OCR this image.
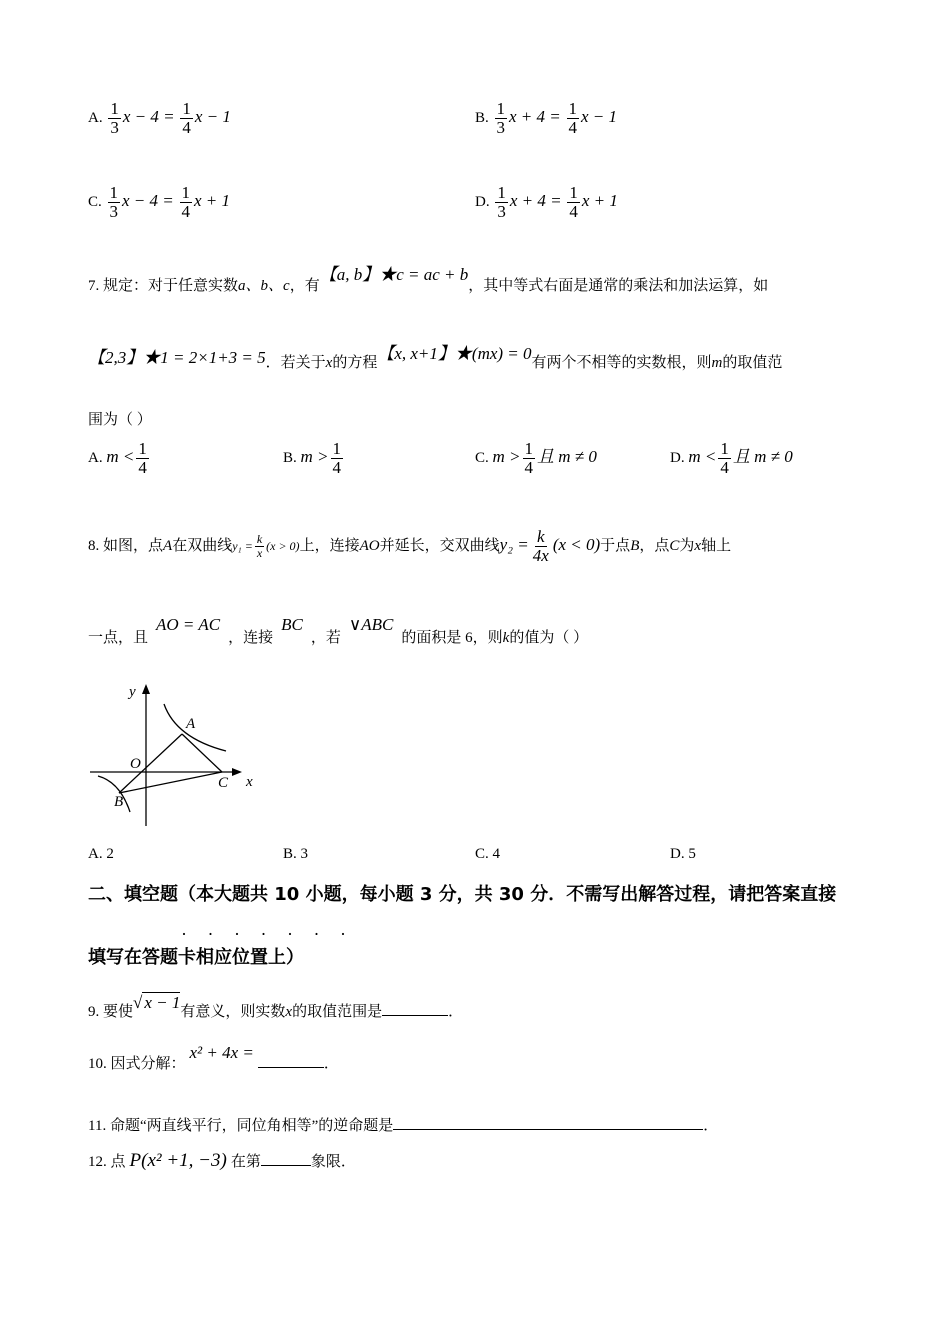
A. $\frac{1}{3}$ $x - 4 = \frac{1}{4}$ x − 1	B. $\frac{1}{3}$ $x + 4 = \frac{1}{4}$ x − 1
C. $\frac{1}{3}$ $x - 4 = \frac{1}{4}$ x + 1	D. $\frac{1}{3}$ $x + 4 = \frac{1}{4}$ x + 1
7. 规定：对于任意实数a、b、c，有【a, b】★c = ac + b，其中等式右面是通常的乘法和加法运算，如
【2,3】★1 = 2×1+3 = 5．若关于x的方程【x, x+1】★(mx) = 0有两个不相等的实数根，则m的取值范
围为（ ）
A. $m < \frac{1}{4}$	B. $m > \frac{1}{4}$	C. $m > \frac{1}{4}$ 且 m ≠ 0	D. $m < \frac{1}{4}$ 且 m ≠ 0
8. 如图，点A在双曲线$y_1 = \frac{k}{x} (x > 0)$上，连接AO并延长，交双曲线$y_2 = \frac{k}{4x} (x < 0)$于点B，点C为x轴上
一点，且AO = AC，连接BC，若∨ABC的面积是 6，则k的值为（ ）
y
x
O
A
B
C
A. 2	B. 3	C. 4	D. 5
二、填空题（本大题共 10 小题，每小题 3 分，共 30 分．不需写出解答过程，请把答案直接
· · · · · · ·
填写在答题卡相应位置上）
9. 要使√ x − 1有意义，则实数x的取值范围是	．
10. 因式分解：x² + 4x =．
11. 命题“两直线平行，同位角相等”的逆命题是	．
12. 点 P(x² +1, −3) 在第	象限．
